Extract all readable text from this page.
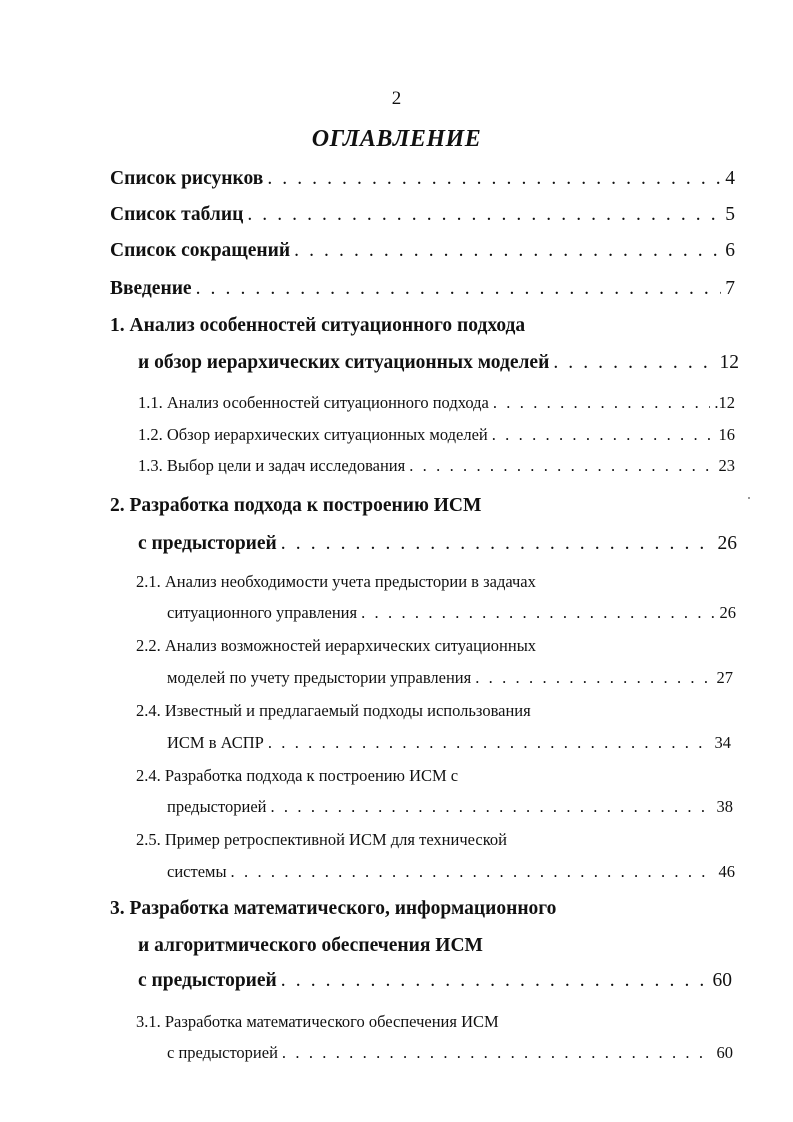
2
ОГЛАВЛЕНИЕ
Список рисунков . . .	4
Список таблиц . . .	5
Список сокращений . . .	6
Введение . . .	7
1. Анализ особенностей ситуационного подхода
и обзор иерархических ситуационных моделей . . .	12
1.1. Анализ особенностей ситуационного подхода . . .	.12
1.2. Обзор иерархических ситуационных моделей . . .	16
1.3. Выбор цели и задач исследования . . .	23
2. Разработка подхода к построению ИСМ
с предысторией . . .	26
2.1. Анализ необходимости учета предыстории в задачах
ситуационного управления . . .	26
2.2. Анализ возможностей иерархических ситуационных
моделей по учету предыстории управления . . .	27
2.4. Известный и предлагаемый подходы использования
ИСМ в АСПР . . .	34
2.4. Разработка подхода к построению ИСМ с
предысторией . . .	38
2.5. Пример ретроспективной ИСМ для технической
системы . . .	46
3. Разработка математического, информационного
и алгоритмического обеспечения ИСМ
с предысторией . . .	60
3.1. Разработка математического обеспечения ИСМ
с предысторией . . .	60
